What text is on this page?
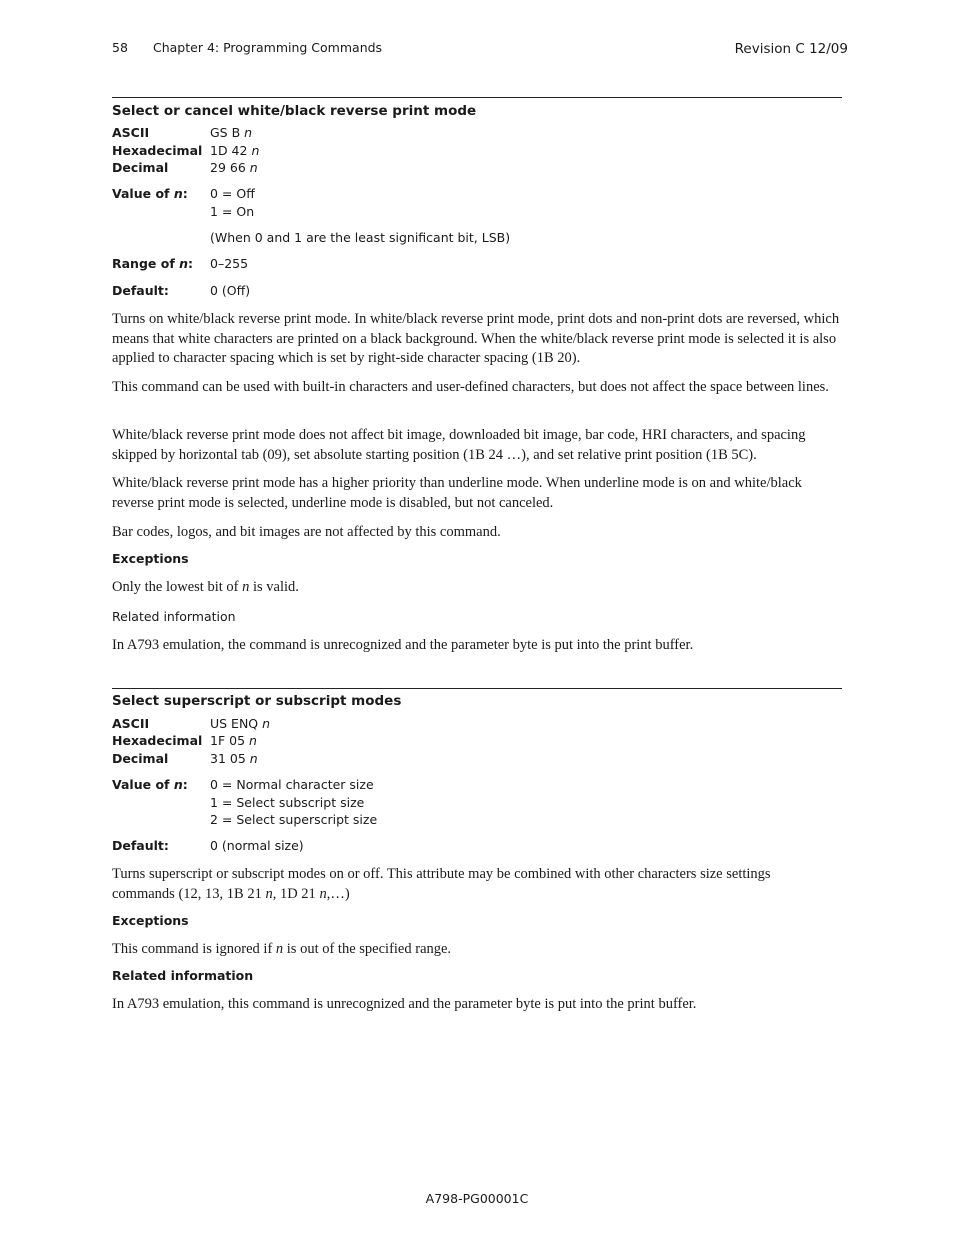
58 Chapter 4: Programming Commands	Revision C 12/09
Select or cancel white/black reverse print mode
ASCII	GS B n
Hexadecimal 1D 42 n
Decimal	29 66 n
Value of n: 0 = Off
1 = On
(When 0 and 1 are the least significant bit, LSB)
Range of n: 0–255
Default:	0 (Off)
Turns on white/black reverse print mode. In white/black reverse print mode, print dots and non-print dots are reversed, which means that white characters are printed on a black background. When the white/black reverse print mode is selected it is also applied to character spacing which is set by right-side character spacing (1B 20).
This command can be used with built-in characters and user-defined characters, but does not affect the space between lines.
White/black reverse print mode does not affect bit image, downloaded bit image, bar code, HRI characters, and spacing skipped by horizontal tab (09), set absolute starting position (1B 24 …), and set relative print position (1B 5C).
White/black reverse print mode has a higher priority than underline mode. When underline mode is on and white/black reverse print mode is selected, underline mode is disabled, but not canceled.
Bar codes, logos, and bit images are not affected by this command.
Exceptions
Only the lowest bit of n is valid.
Related information
In A793 emulation, the command is unrecognized and the parameter byte is put into the print buffer.
Select superscript or subscript modes
ASCII	US ENQ n
Hexadecimal 1F 05 n
Decimal	31 05 n
Value of n: 0 = Normal character size
1 = Select subscript size
2 = Select superscript size
Default:	0 (normal size)
Turns superscript or subscript modes on or off. This attribute may be combined with other characters size settings
commands (12, 13, 1B 21 n, 1D 21 n,…)
Exceptions
This command is ignored if n is out of the specified range.
Related information
In A793 emulation, this command is unrecognized and the parameter byte is put into the print buffer.
A798-PG00001C
